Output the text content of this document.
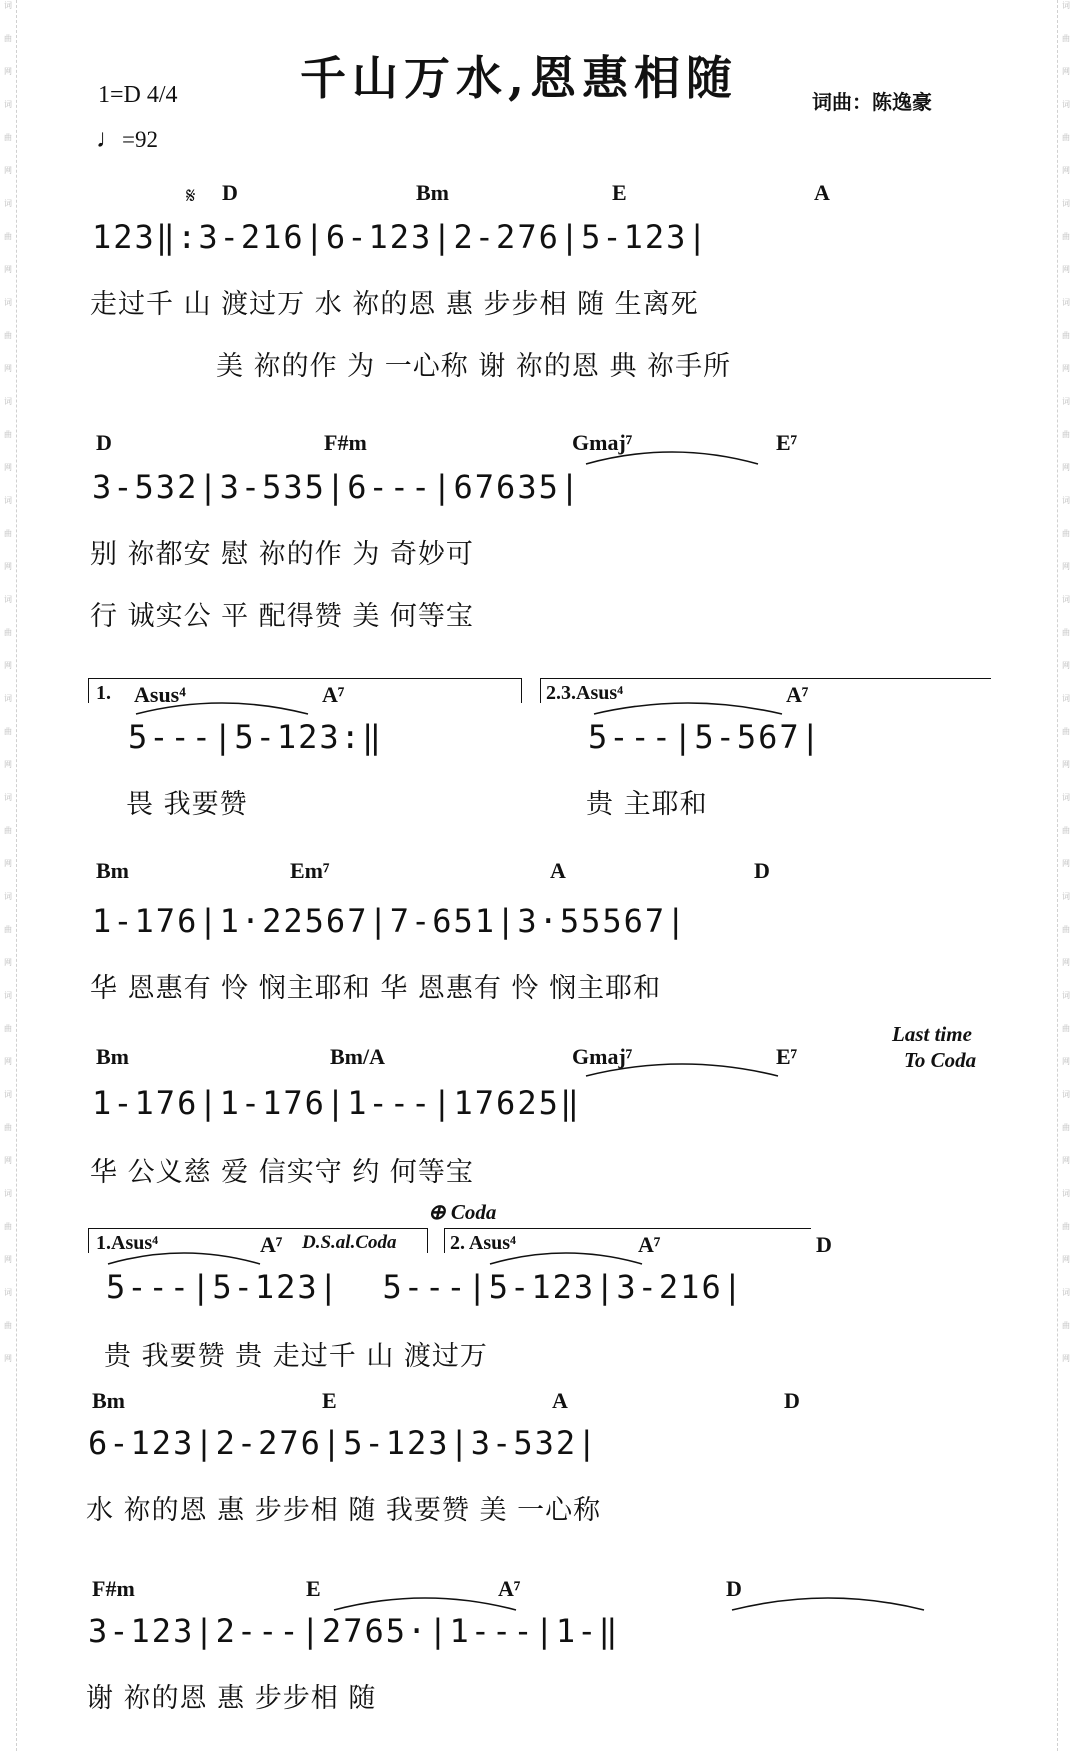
词
曲
网
词
曲
网
词
曲
网
词
曲
网
词
曲
网
词
曲
网
词
曲
网
词
曲
网
词
曲
网
词
曲
网
词
曲
网
词
曲
网
词
曲
网
词
曲
网
词
曲
网
词
曲
网
词
曲
网
词
曲
网
词
曲
网
词
曲
网
词
曲
网
词
曲
网
词
曲
网
词
曲
网
词
曲
网
词
曲
网
词
曲
网
词
曲
网
千山万水,恩惠相随
1=D 4/4
♩=92
词曲：陈逸豪
𝄋 D	Bm	E	A
123‖:3-216|6-123|2-276|5-123|
走过千 山 渡过万 水 祢的恩 惠 步步相 随 生离死
美 祢的作 为 一心称 谢 祢的恩 典 祢手所
D	F#m	Gmaj⁷	E⁷
3-532|3-535|6---|67635|
别 祢都安 慰 祢的作 为 奇妙可
行 诚实公 平 配得赞 美 何等宝
1. Asus⁴	A⁷	2.3.Asus⁴	A⁷
5---|5-123:‖	5---|5-567|
畏 我要赞	贵 主耶和
Bm	Em⁷	A	D
1-176|1·22567|7-651|3·55567|
华 恩惠有 怜 悯主耶和 华 恩惠有 怜 悯主耶和
Bm	Bm/A	Gmaj⁷	E⁷
Last time
To Coda
1-176|1-176|1---|17625‖
华 公义慈 爱 信实守 约 何等宝
⊕ Coda
1.Asus⁴	A⁷ D.S.al.Coda	2. Asus⁴	A⁷	D
5---|5-123|  5---|5-123|3-216|
贵 我要赞 贵 走过千 山 渡过万
Bm	E	A	D
6-123|2-276|5-123|3-532|
水 祢的恩 惠 步步相 随 我要赞 美 一心称
F#m	E	A⁷	D
3-123|2---|2765·|1---|1-‖
谢 祢的恩 惠 步步相 随
